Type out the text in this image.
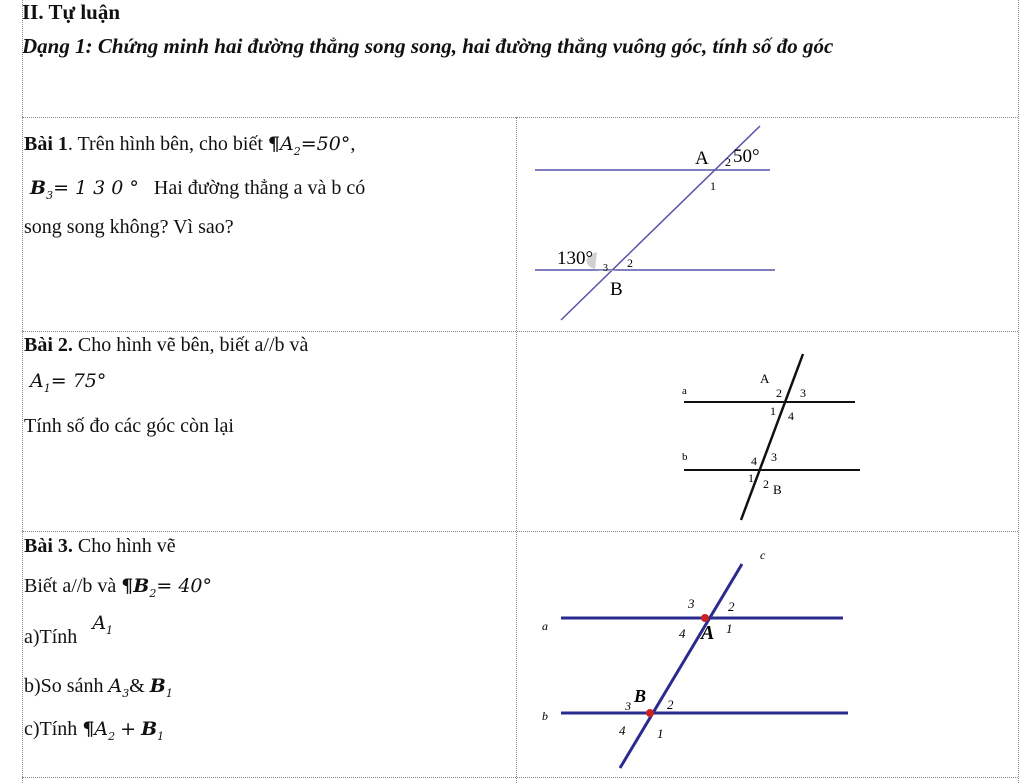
II. Tự luận
Dạng 1: Chứng minh hai đường thẳng song song, hai đường thẳng vuông góc, tính số đo góc
Bài 1. Trên hình bên, cho biết $\P A_2=50^\circ$,
$B_3= 1$ 3 0 ° Hai đường thẳng a và b có
song song không? Vì sao?
A 2 50°
1
130° 3 2
B
Bài 2. Cho hình vẽ bên, biết a//b và
$A_1= 75^\circ$
Tính số đo các góc còn lại
a
b
A
2 3
1 4
4 3
1 2 B
Bài 3. Cho hình vẽ
Biết a//b và $\P B_2= 40^\circ$
a)Tính $A_1$
b)So sánh $A_3\&$ $B_1$
c)Tính $\P A_2 + B_1$
c
a
b
3	2
4 A 1
3 B 2
4 1
